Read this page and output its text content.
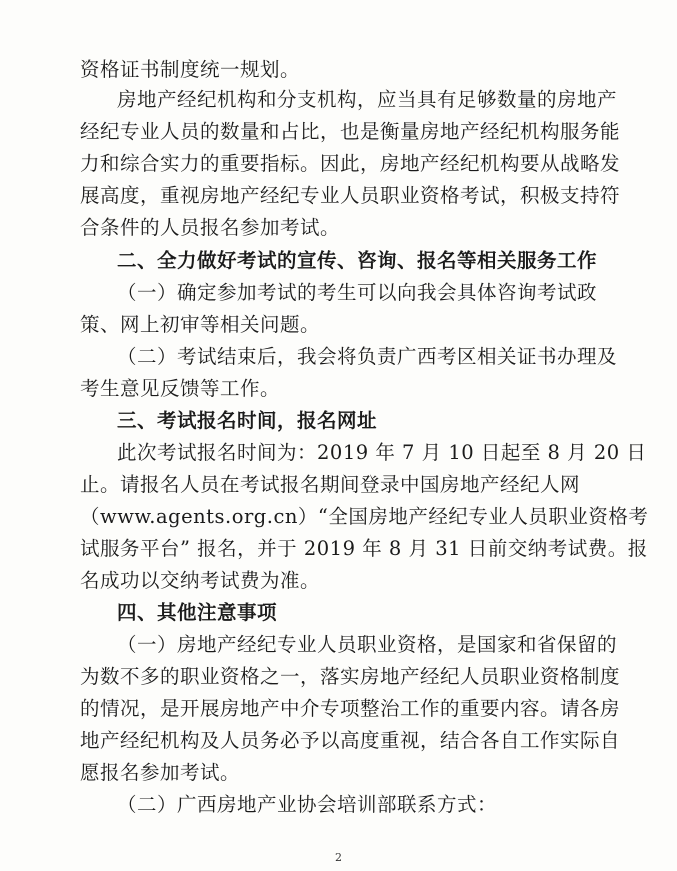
资格证书制度统一规划。
房地产经纪机构和分支机构，应当具有足够数量的房地产
经纪专业人员的数量和占比，也是衡量房地产经纪机构服务能
力和综合实力的重要指标。因此，房地产经纪机构要从战略发
展高度，重视房地产经纪专业人员职业资格考试，积极支持符
合条件的人员报名参加考试。
二、全力做好考试的宣传、咨询、报名等相关服务工作
（一）确定参加考试的考生可以向我会具体咨询考试政
策、网上初审等相关问题。
（二）考试结束后，我会将负责广西考区相关证书办理及
考生意见反馈等工作。
三、考试报名时间，报名网址
此次考试报名时间为：2019 年 7 月 10 日起至 8 月 20 日
止。请报名人员在考试报名期间登录中国房地产经纪人网
（www.agents.org.cn）“全国房地产经纪专业人员职业资格考
试服务平台” 报名，并于 2019 年 8 月 31 日前交纳考试费。报
名成功以交纳考试费为准。
四、其他注意事项
（一）房地产经纪专业人员职业资格，是国家和省保留的
为数不多的职业资格之一，落实房地产经纪人员职业资格制度
的情况，是开展房地产中介专项整治工作的重要内容。请各房
地产经纪机构及人员务必予以高度重视，结合各自工作实际自
愿报名参加考试。
（二）广西房地产业协会培训部联系方式：
2
